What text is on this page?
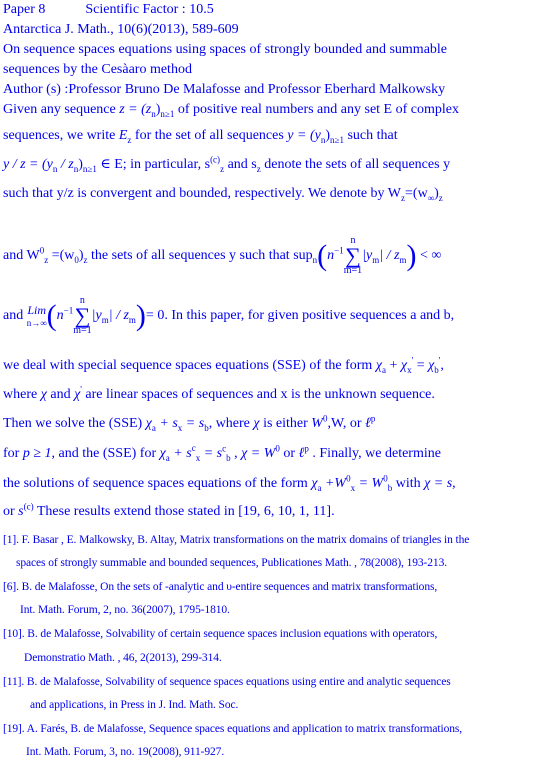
Paper 8	Scientific Factor : 10.5
Antarctica J. Math., 10(6)(2013), 589-609
On sequence spaces equations using spaces of strongly bounded and summable
sequences by the Cesàaro method
Author (s) :Professor Bruno De Malafosse and Professor Eberhard Malkowsky
Given any sequence $z = (z_n)_{n\ge 1}$ of positive real numbers and any set E of complex
sequences, we write $E_z$ for the set of all sequences $y = (y_n)_{n\ge 1}$ such that
$y / z = (y_n / z_n)_{n\ge 1}$ ∈ E; in particular, $s^{(c)}_z$ and $s_z$ denote the sets of all sequences y
such that y/z is convergent and bounded, respectively. We denote by $W_z=(w_\infty)_z$
and $W^0_z =(w_0)_z$ the sets of all sequences y such that $sup_n(n^{-1}n$
∑
$m=1|y_m| / z_m$) < ∞
and Lim
$n\to\infty(n^{-1}n$
∑
$m=1|y_m| / z_m)= 0$. In this paper, for given positive sequences a and b,
we deal with special sequence spaces equations (SSE) of the form $\chi_a + \chi_x' = \chi_b'$,
where χ and χ' are linear spaces of sequences and x is the unknown sequence.
Then we solve the (SSE) $\chi_a + s_x = s_b$, where χ is either $W^0,W$, or ℓ$^p$
for p ≥ 1, and the (SSE) for $\chi_a + s^c_x = s^c_b$ , $\chi = W^0$ or ℓ$^p$ . Finally, we determine
the solutions of sequence spaces equations of the form $\chi_a +W^0_x = W^0_b$ with χ = s,
or $s^{(c)}$ These results extend those stated in [19, 6, 10, 1, 11].
[1]. F. Basar , E. Malkowsky, B. Altay, Matrix transformations on the matrix domains of triangles in the
spaces of strongly summable and bounded sequences, Publicationes Math. , 78(2008), 193-213.
[6]. B. de Malafosse, On the sets of -analytic and υ-entire sequences and matrix transformations,
Int. Math. Forum, 2, no. 36(2007), 1795-1810.
[10]. B. de Malafosse, Solvability of certain sequence spaces inclusion equations with operators,
Demonstratio Math. , 46, 2(2013), 299-314.
[11]. B. de Malafosse, Solvability of sequence spaces equations using entire and analytic sequences
and applications, in Press in J. Ind. Math. Soc.
[19]. A. Farés, B. de Malafosse, Sequence spaces equations and application to matrix transformations,
Int. Math. Forum, 3, no. 19(2008), 911-927.
